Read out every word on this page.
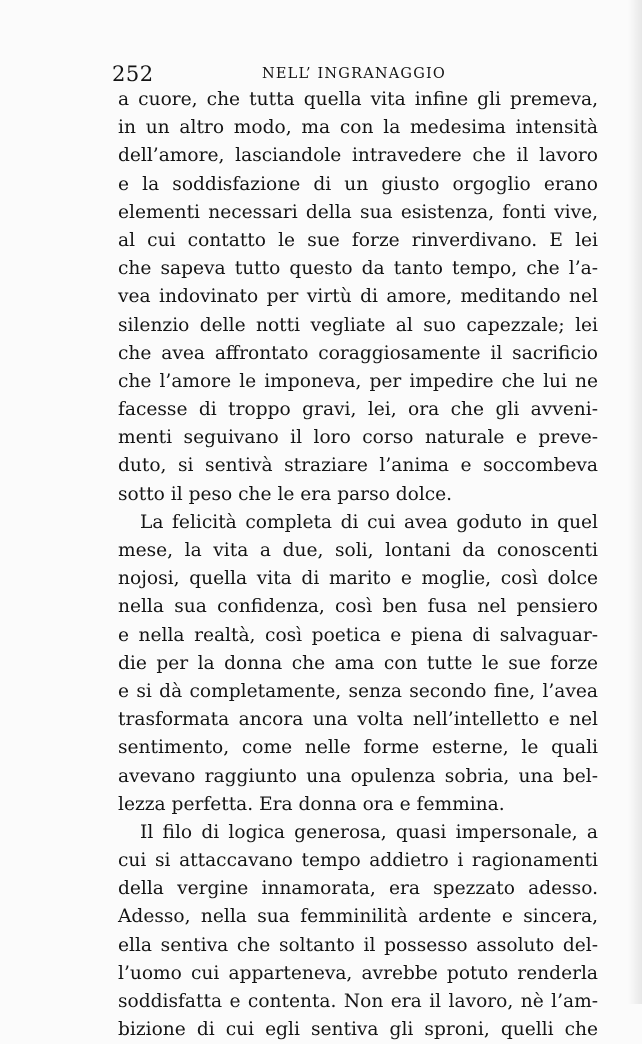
252	NELL’ INGRANAGGIO
a cuore, che tutta quella vita infine gli premeva,
in un altro modo, ma con la medesima intensità
dell’amore, lasciandole intravedere che il lavoro
e la soddisfazione di un giusto orgoglio erano
elementi necessari della sua esistenza, fonti vive,
al cui contatto le sue forze rinverdivano. E lei
che sapeva tutto questo da tanto tempo, che l’a-
vea indovinato per virtù di amore, meditando nel
silenzio delle notti vegliate al suo capezzale; lei
che avea affrontato coraggiosamente il sacrificio
che l’amore le imponeva, per impedire che lui ne
facesse di troppo gravi, lei, ora che gli avveni-
menti seguivano il loro corso naturale e preve-
duto, si sentivà straziare l’anima e soccombeva
sotto il peso che le era parso dolce.
La felicità completa di cui avea goduto in quel
mese, la vita a due, soli, lontani da conoscenti
nojosi, quella vita di marito e moglie, così dolce
nella sua confidenza, così ben fusa nel pensiero
e nella realtà, così poetica e piena di salvaguar-
die per la donna che ama con tutte le sue forze
e si dà completamente, senza secondo fine, l’avea
trasformata ancora una volta nell’intelletto e nel
sentimento, come nelle forme esterne, le quali
avevano raggiunto una opulenza sobria, una bel-
lezza perfetta. Era donna ora e femmina.
Il filo di logica generosa, quasi impersonale, a
cui si attaccavano tempo addietro i ragionamenti
della vergine innamorata, era spezzato adesso.
Adesso, nella sua femminilità ardente e sincera,
ella sentiva che soltanto il possesso assoluto del-
l’uomo cui apparteneva, avrebbe potuto renderla
soddisfatta e contenta. Non era il lavoro, nè l’am-
bizione di cui egli sentiva gli sproni, quelli che
